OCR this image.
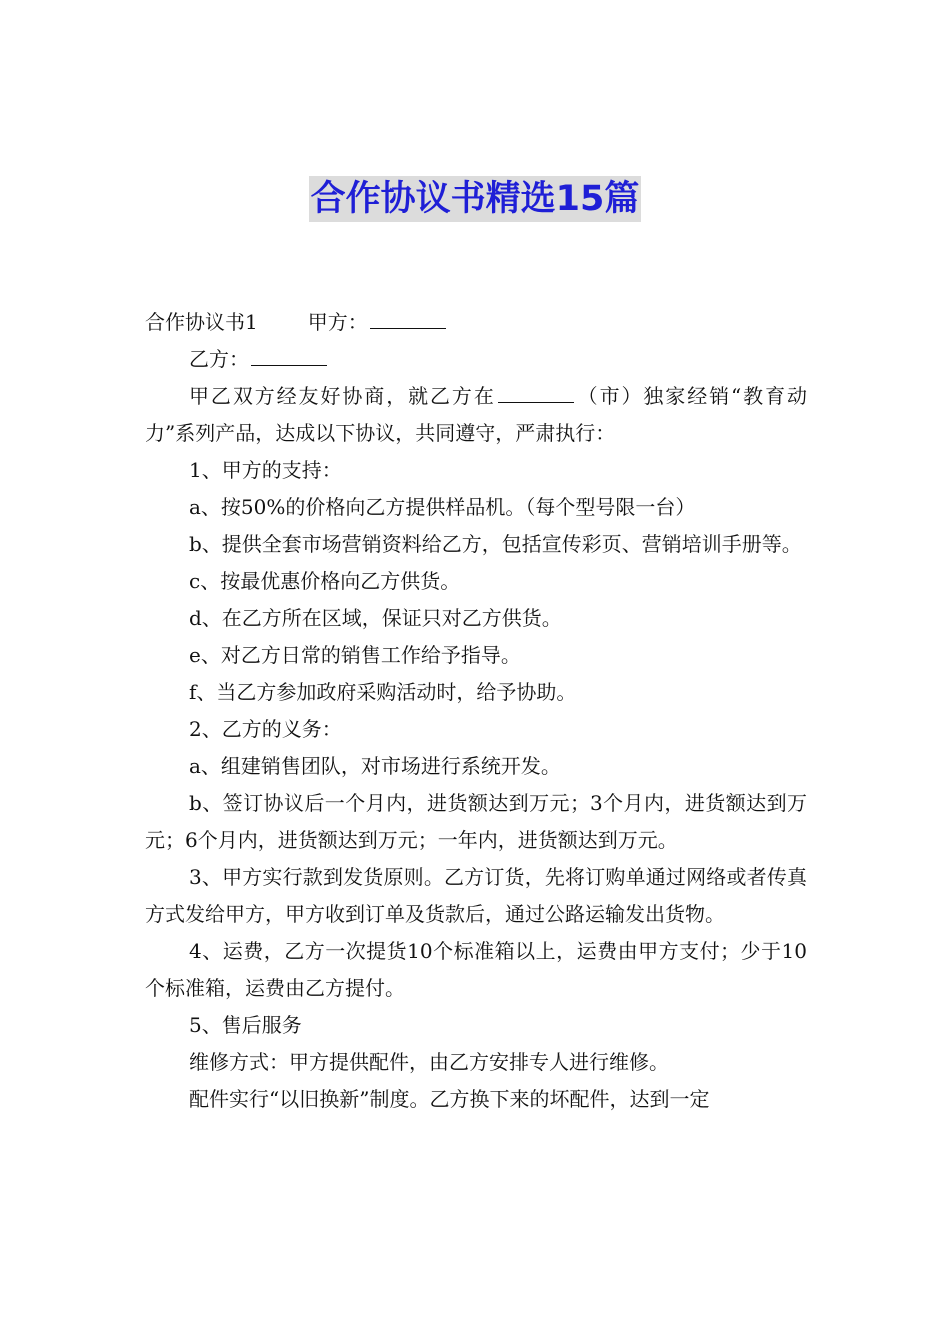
合作协议书精选15篇

合作协议书1	甲方：

乙方：

甲乙双方经友好协商，就乙方在	（市）独家经销“教育动力”系列产品，达成以下协议，共同遵守，严肃执行：

1、甲方的支持：

a、按50%的价格向乙方提供样品机。（每个型号限一台）

b、提供全套市场营销资料给乙方，包括宣传彩页、营销培训手册等。

c、按最优惠价格向乙方供货。

d、在乙方所在区域，保证只对乙方供货。

e、对乙方日常的销售工作给予指导。

f、当乙方参加政府采购活动时，给予协助。

2、乙方的义务：

a、组建销售团队，对市场进行系统开发。

b、签订协议后一个月内，进货额达到万元；3个月内，进货额达到万元；6个月内，进货额达到万元；一年内，进货额达到万元。

3、甲方实行款到发货原则。乙方订货，先将订购单通过网络或者传真方式发给甲方，甲方收到订单及货款后，通过公路运输发出货物。

4、运费，乙方一次提货10个标准箱以上，运费由甲方支付；少于10个标准箱，运费由乙方提付。

5、售后服务

维修方式：甲方提供配件，由乙方安排专人进行维修。

配件实行“以旧换新”制度。乙方换下来的坏配件，达到一定
